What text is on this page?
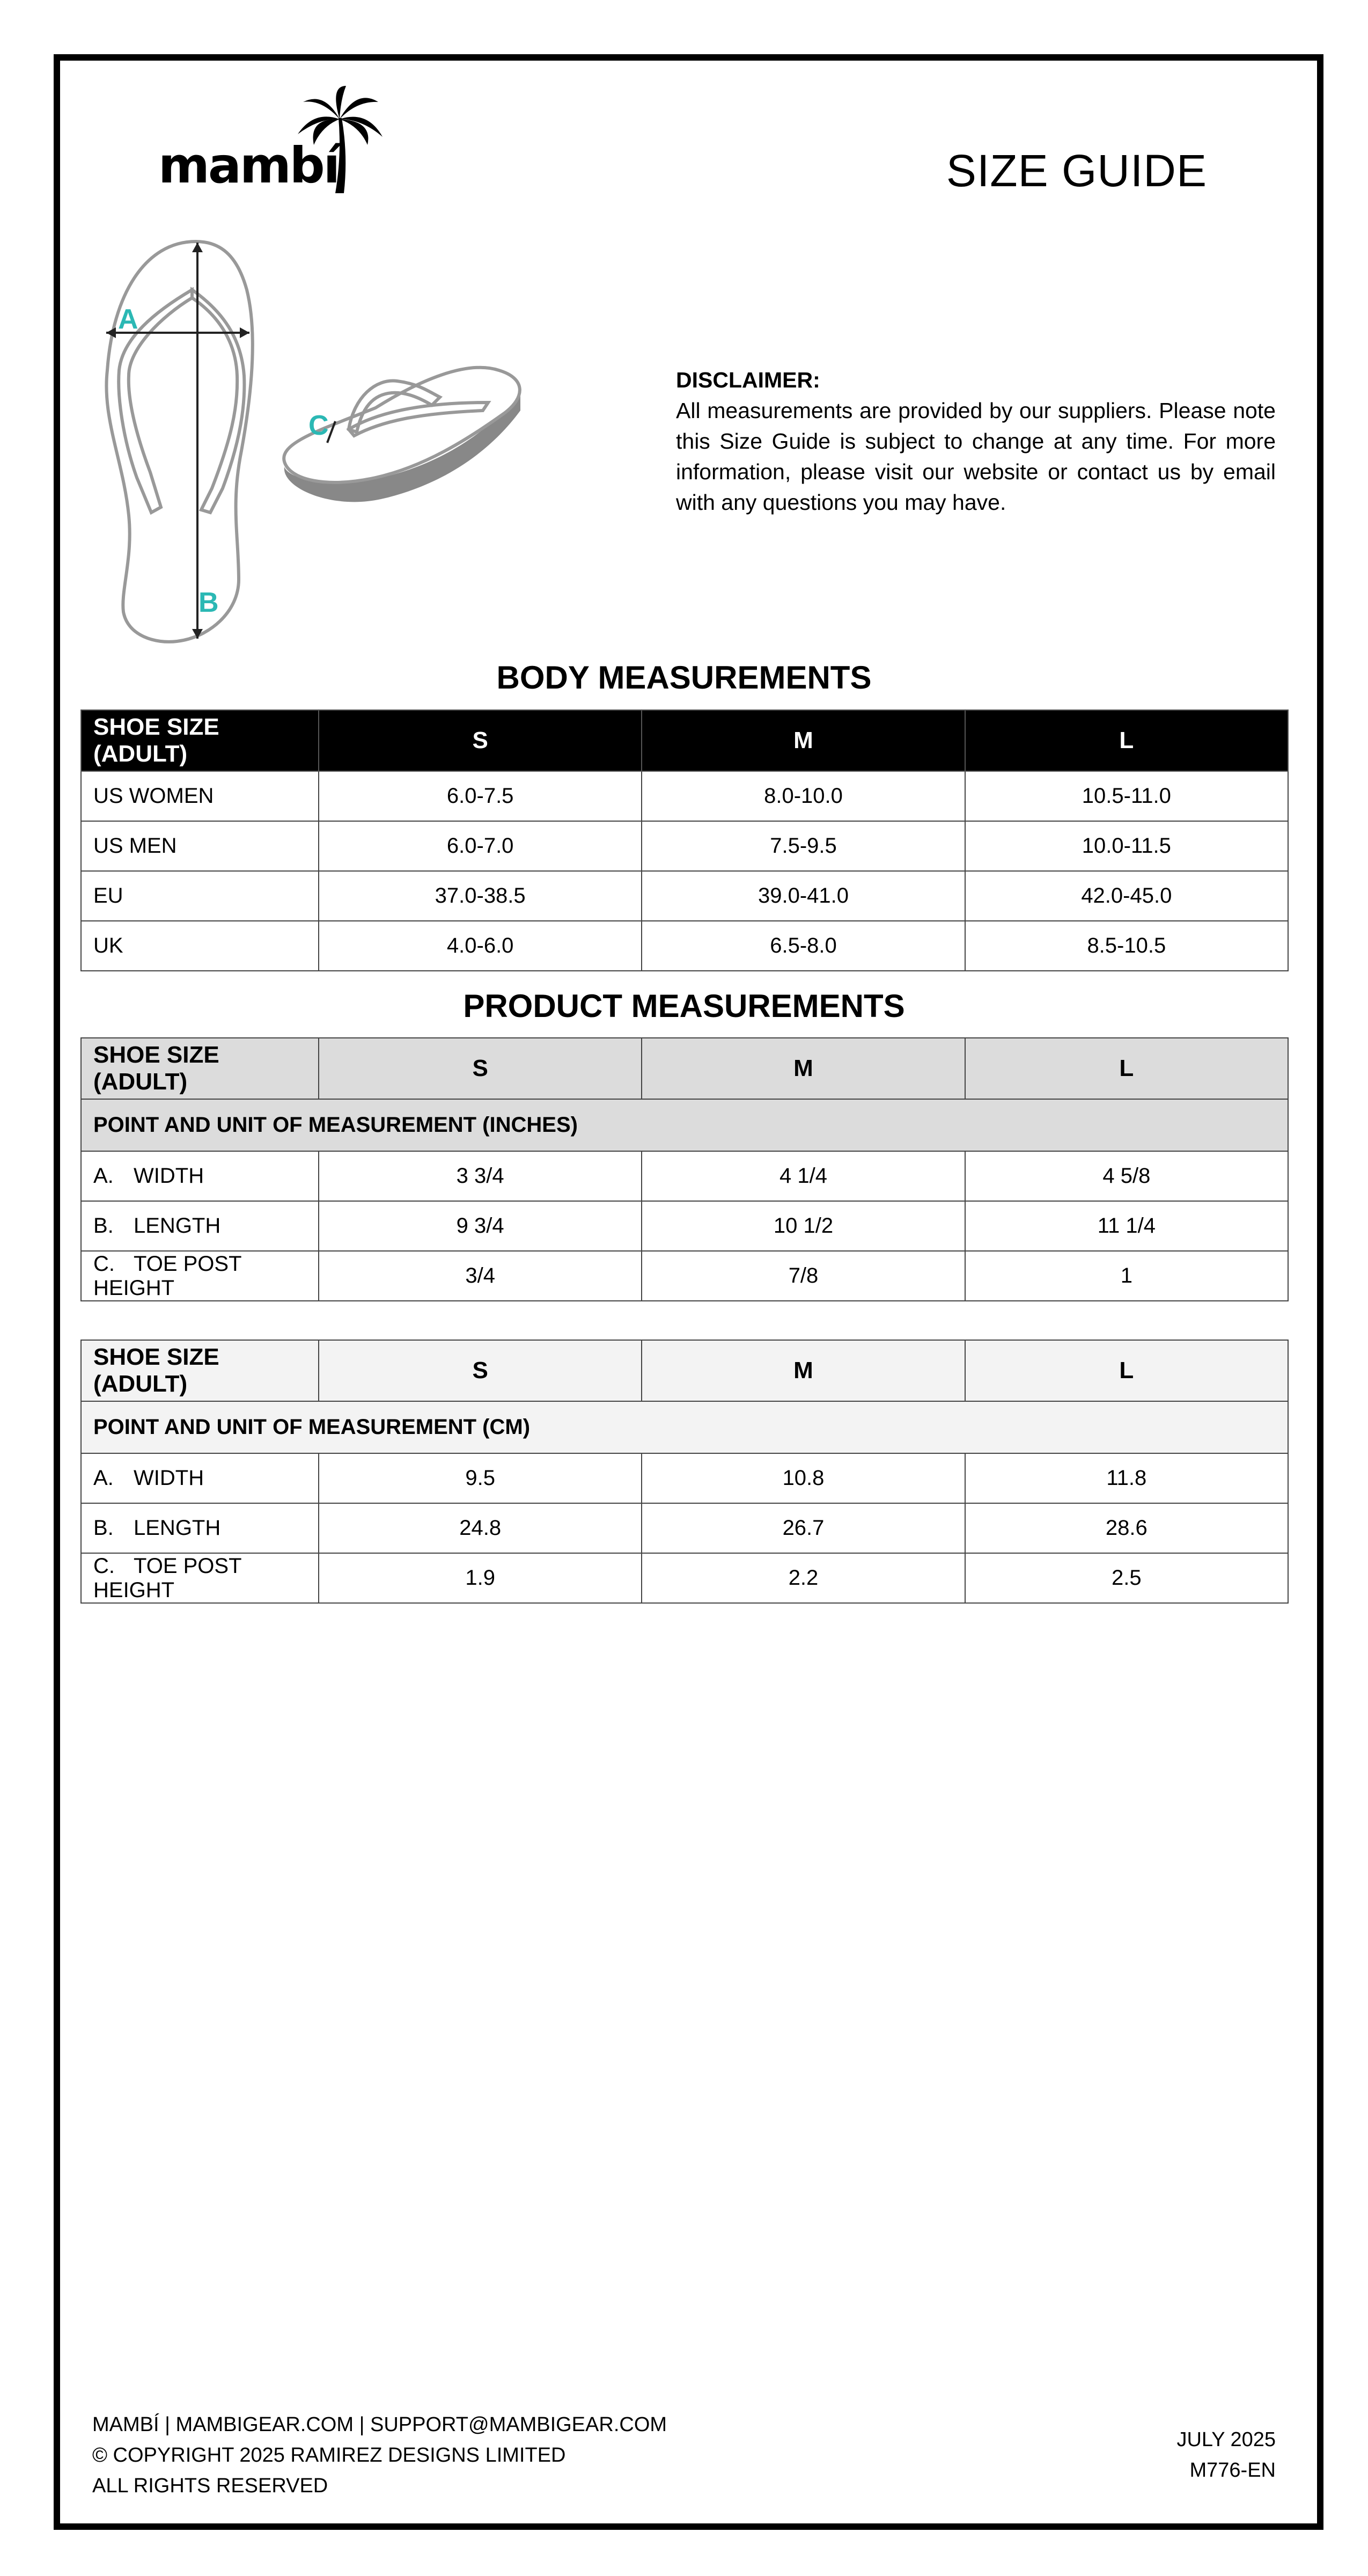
mambí	SIZE GUIDE
A
B
C
DISCLAIMER:
All measurements are provided by our suppliers. Please note this Size Guide is subject to change at any time. For more information, please visit our website or contact us by email with any questions you may have.
BODY MEASUREMENTS
SHOE SIZE (ADULT)	S	M	L
US WOMEN	6.0-7.5	8.0-10.0	10.5-11.0
US MEN	6.0-7.0	7.5-9.5	10.0-11.5
EU	37.0-38.5	39.0-41.0	42.0-45.0
UK	4.0-6.0	6.5-8.0	8.5-10.5
PRODUCT MEASUREMENTS
SHOE SIZE (ADULT)	S	M	L
POINT AND UNIT OF MEASUREMENT (INCHES)			
A. WIDTH	3 3/4	4 1/4	4 5/8
B. LENGTH	9 3/4	10 1/2	11 1/4
C. TOE POST HEIGHT	3/4	7/8	1
SHOE SIZE (ADULT)	S	M	L
POINT AND UNIT OF MEASUREMENT (CM)			
A. WIDTH	9.5	10.8	11.8
B. LENGTH	24.8	26.7	28.6
C. TOE POST HEIGHT	1.9	2.2	2.5
MAMBÍ | MAMBIGEAR.COM | SUPPORT@MAMBIGEAR.COM
© COPYRIGHT 2025 RAMIREZ DESIGNS LIMITED
ALL RIGHTS RESERVED
JULY 2025
M776-EN
